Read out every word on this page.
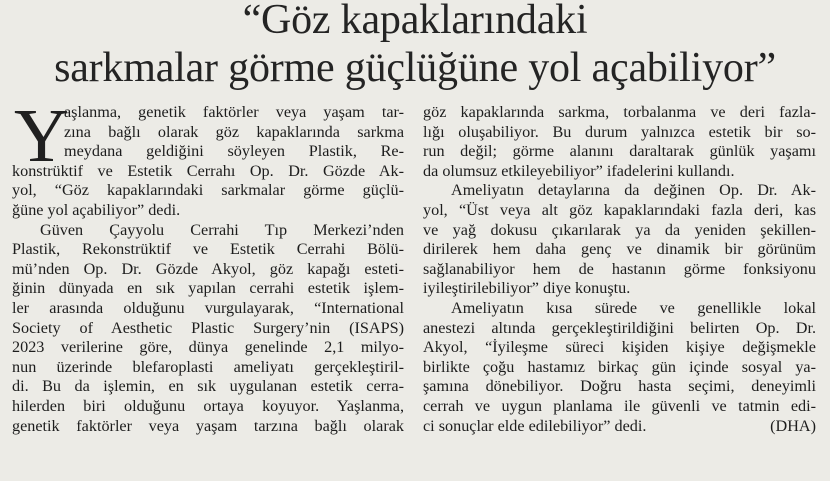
“Göz kapaklarındaki
sarkmalar görme güçlüğüne yol açabiliyor”
Y
aşlanma, genetik faktörler veya yaşam tar-
zına bağlı olarak göz kapaklarında sarkma
meydana geldiğini söyleyen Plastik, Re-
konstrüktif ve Estetik Cerrahı Op. Dr. Gözde Ak-
yol, “Göz kapaklarındaki sarkmalar görme güçlü-
ğüne yol açabiliyor” dedi.
Güven Çayyolu Cerrahi Tıp Merkezi’nden
Plastik, Rekonstrüktif ve Estetik Cerrahi Bölü-
mü’nden Op. Dr. Gözde Akyol, göz kapağı esteti-
ğinin dünyada en sık yapılan cerrahi estetik işlem-
ler arasında olduğunu vurgulayarak, “International
Society of Aesthetic Plastic Surgery’nin (ISAPS)
2023 verilerine göre, dünya genelinde 2,1 milyo-
nun üzerinde blefaroplasti ameliyatı gerçekleştiril-
di. Bu da işlemin, en sık uygulanan estetik cerra-
hilerden biri olduğunu ortaya koyuyor. Yaşlanma,
genetik faktörler veya yaşam tarzına bağlı olarak
göz kapaklarında sarkma, torbalanma ve deri fazla-
lığı oluşabiliyor. Bu durum yalnızca estetik bir so-
run değil; görme alanını daraltarak günlük yaşamı
da olumsuz etkileyebiliyor” ifadelerini kullandı.
Ameliyatın detaylarına da değinen Op. Dr. Ak-
yol, “Üst veya alt göz kapaklarındaki fazla deri, kas
ve yağ dokusu çıkarılarak ya da yeniden şekillen-
dirilerek hem daha genç ve dinamik bir görünüm
sağlanabiliyor hem de hastanın görme fonksiyonu
iyileştirilebiliyor” diye konuştu.
Ameliyatın kısa sürede ve genellikle lokal
anestezi altında gerçekleştirildiğini belirten Op. Dr.
Akyol, “İyileşme süreci kişiden kişiye değişmekle
birlikte çoğu hastamız birkaç gün içinde sosyal ya-
şamına dönebiliyor. Doğru hasta seçimi, deneyimli
cerrah ve uygun planlama ile güvenli ve tatmin edi-
ci sonuçlar elde edilebiliyor” dedi.	(DHA)
